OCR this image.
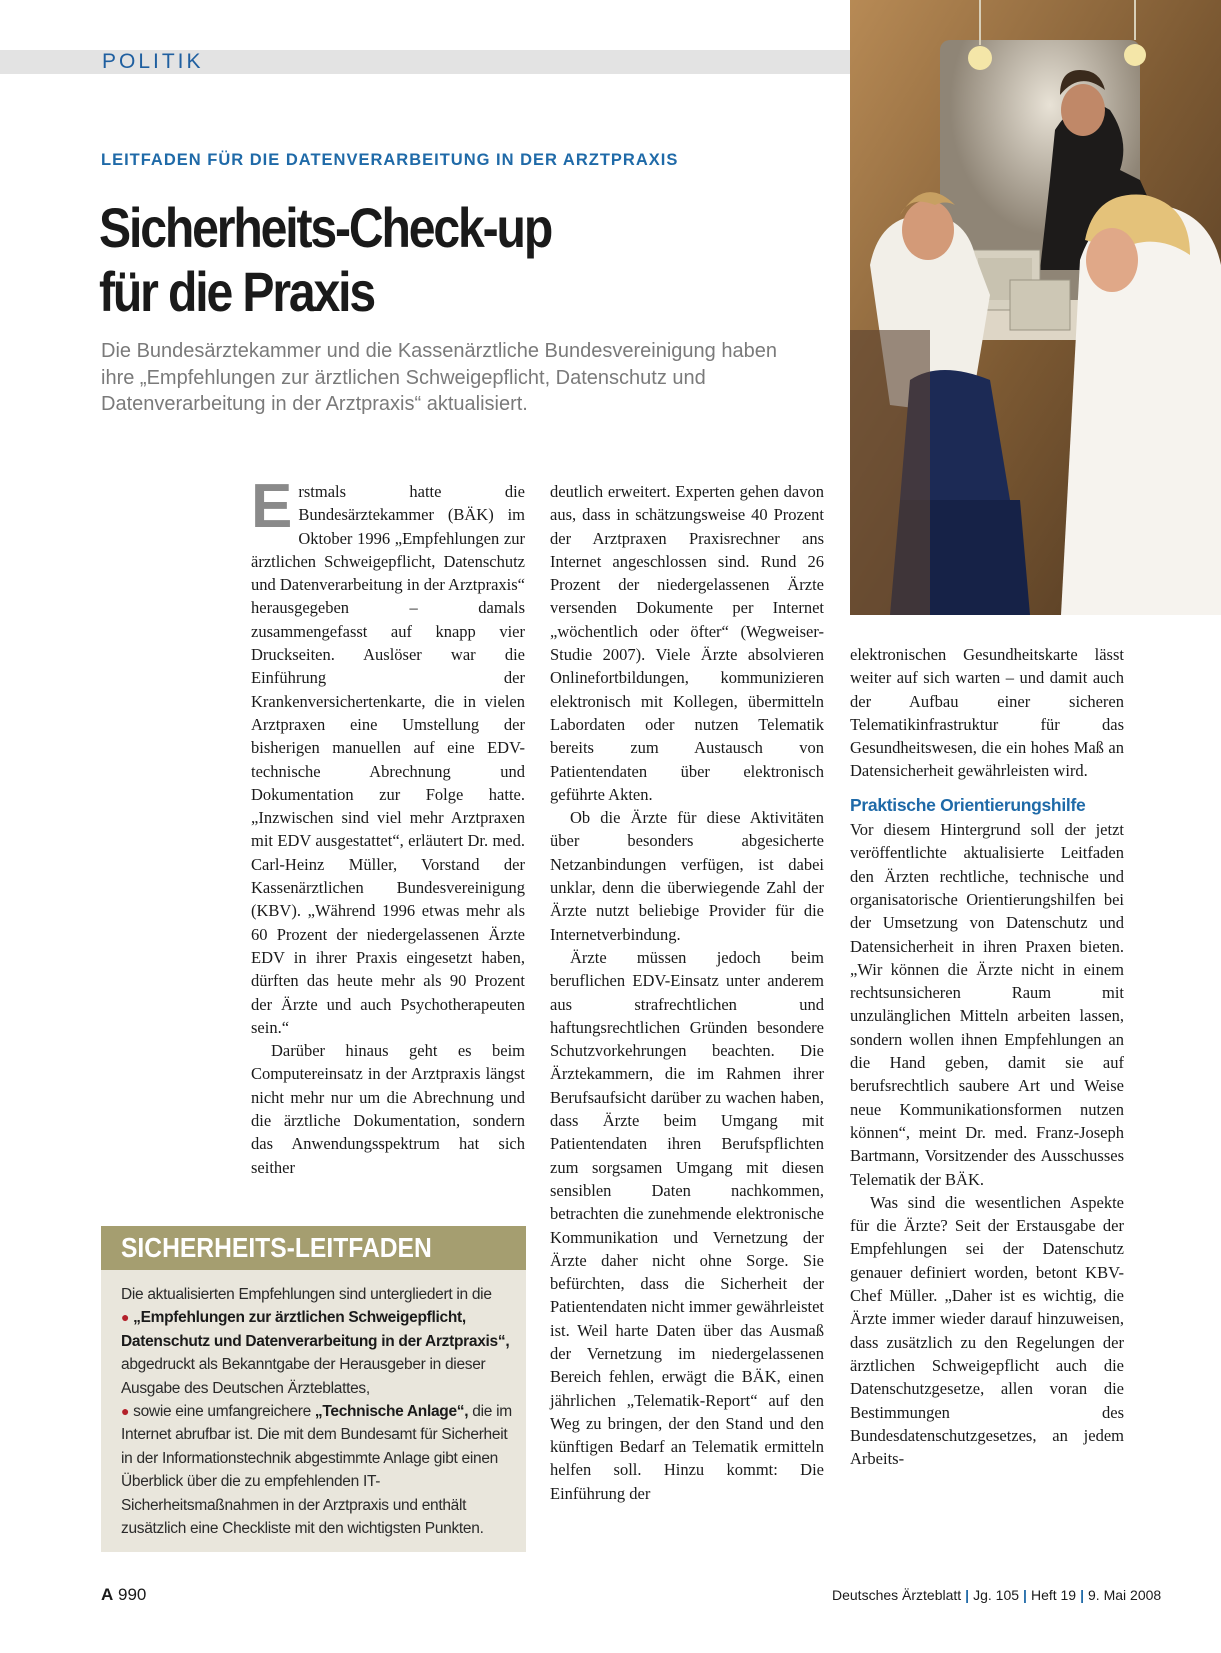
POLITIK
LEITFADEN FÜR DIE DATENVERARBEITUNG IN DER ARZTPRAXIS
Sicherheits-Check-up
für die Praxis
Die Bundesärztekammer und die Kassenärztliche Bundesvereinigung haben ihre „Empfehlungen zur ärztlichen Schweigepflicht, Datenschutz und Datenverarbeitung in der Arztpraxis“ aktualisiert.

Erstmals hatte die Bundesärztekammer (BÄK) im Oktober 1996 „Empfehlungen zur ärztlichen Schweigepflicht, Datenschutz und Datenverarbeitung in der Arztpraxis“ herausgegeben – damals zusammengefasst auf knapp vier Druckseiten. Auslöser war die Einführung der Krankenversichertenkarte, die in vielen Arztpraxen eine Umstellung der bisherigen manuellen auf eine EDV-technische Abrechnung und Dokumentation zur Folge hatte. „Inzwischen sind viel mehr Arztpraxen mit EDV ausgestattet“, erläutert Dr. med. Carl-Heinz Müller, Vorstand der Kassenärztlichen Bundesvereinigung (KBV). „Während 1996 etwas mehr als 60 Prozent der niedergelassenen Ärzte EDV in ihrer Praxis eingesetzt haben, dürften das heute mehr als 90 Prozent der Ärzte und auch Psychotherapeuten sein.“

Darüber hinaus geht es beim Computereinsatz in der Arztpraxis längst nicht mehr nur um die Abrechnung und die ärztliche Dokumentation, sondern das Anwendungsspektrum hat sich seither

deutlich erweitert. Experten gehen davon aus, dass in schätzungsweise 40 Prozent der Arztpraxen Praxisrechner ans Internet angeschlossen sind. Rund 26 Prozent der niedergelassenen Ärzte versenden Dokumente per Internet „wöchentlich oder öfter“ (Wegweiser-Studie 2007). Viele Ärzte absolvieren Onlinefortbildungen, kommunizieren elektronisch mit Kollegen, übermitteln Labordaten oder nutzen Telematik bereits zum Austausch von Patientendaten über elektronisch geführte Akten.

Ob die Ärzte für diese Aktivitäten über besonders abgesicherte Netzanbindungen verfügen, ist dabei unklar, denn die überwiegende Zahl der Ärzte nutzt beliebige Provider für die Internetverbindung.

Ärzte müssen jedoch beim beruflichen EDV-Einsatz unter anderem aus strafrechtlichen und haftungsrechtlichen Gründen besondere Schutzvorkehrungen beachten. Die Ärztekammern, die im Rahmen ihrer Berufsaufsicht darüber zu wachen haben, dass Ärzte beim Umgang mit Patientendaten ihren Berufspflichten zum sorgsamen Umgang mit diesen sensiblen Daten nachkommen, betrachten die zunehmende elektronische Kommunikation und Vernetzung der Ärzte daher nicht ohne Sorge. Sie befürchten, dass die Sicherheit der Patientendaten nicht immer gewährleistet ist. Weil harte Daten über das Ausmaß der Vernetzung im niedergelassenen Bereich fehlen, erwägt die BÄK, einen jährlichen „Telematik-Report“ auf den Weg zu bringen, der den Stand und den künftigen Bedarf an Telematik ermitteln helfen soll. Hinzu kommt: Die Einführung der

elektronischen Gesundheitskarte lässt weiter auf sich warten – und damit auch der Aufbau einer sicheren Telematikinfrastruktur für das Gesundheitswesen, die ein hohes Maß an Datensicherheit gewährleisten wird.

Praktische Orientierungshilfe

Vor diesem Hintergrund soll der jetzt veröffentlichte aktualisierte Leitfaden den Ärzten rechtliche, technische und organisatorische Orientierungshilfen bei der Umsetzung von Datenschutz und Datensicherheit in ihren Praxen bieten. „Wir können die Ärzte nicht in einem rechtsunsicheren Raum mit unzulänglichen Mitteln arbeiten lassen, sondern wollen ihnen Empfehlungen an die Hand geben, damit sie auf berufsrechtlich saubere Art und Weise neue Kommunikationsformen nutzen können“, meint Dr. med. Franz-Joseph Bartmann, Vorsitzender des Ausschusses Telematik der BÄK.

Was sind die wesentlichen Aspekte für die Ärzte? Seit der Erstausgabe der Empfehlungen sei der Datenschutz genauer definiert worden, betont KBV-Chef Müller. „Daher ist es wichtig, die Ärzte immer wieder darauf hinzuweisen, dass zusätzlich zu den Regelungen der ärztlichen Schweigepflicht auch die Datenschutzgesetze, allen voran die Bestimmungen des Bundesdatenschutzgesetzes, an jedem Arbeits-

SICHERHEITS-LEITFADEN

Die aktualisierten Empfehlungen sind untergliedert in die

● „Empfehlungen zur ärztlichen Schweigepflicht, Datenschutz und Datenverarbeitung in der Arztpraxis“, abgedruckt als Bekanntgabe der Herausgeber in dieser Ausgabe des Deutschen Ärzteblattes,

● sowie eine umfangreichere „Technische Anlage“, die im Internet abrufbar ist. Die mit dem Bundesamt für Sicherheit in der Informationstechnik abgestimmte Anlage gibt einen Überblick über die zu empfehlenden IT-Sicherheitsmaßnahmen in der Arztpraxis und enthält zusätzlich eine Checkliste mit den wichtigsten Punkten.

A 990	Deutsches Ärzteblatt | Jg. 105 | Heft 19 | 9. Mai 2008
